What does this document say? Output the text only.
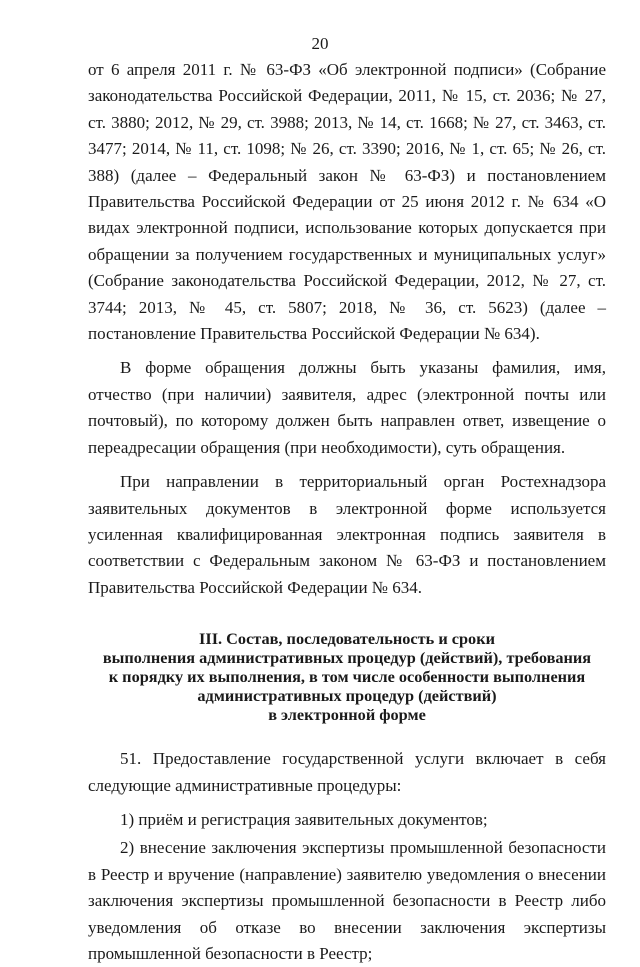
20

от 6 апреля 2011 г. № 63-ФЗ «Об электронной подписи» (Собрание законодательства Российской Федерации, 2011, № 15, ст. 2036; № 27, ст. 3880; 2012, № 29, ст. 3988; 2013, № 14, ст. 1668; № 27, ст. 3463, ст. 3477; 2014, № 11, ст. 1098; № 26, ст. 3390; 2016, № 1, ст. 65; № 26, ст. 388) (далее – Федеральный закон № 63-ФЗ) и постановлением Правительства Российской Федерации от 25 июня 2012 г. № 634 «О видах электронной подписи, использование которых допускается при обращении за получением государственных и муниципальных услуг» (Собрание законодательства Российской Федерации, 2012, № 27, ст. 3744; 2013, № 45, ст. 5807; 2018, № 36, ст. 5623) (далее – постановление Правительства Российской Федерации № 634).

В форме обращения должны быть указаны фамилия, имя, отчество (при наличии) заявителя, адрес (электронной почты или почтовый), по которому должен быть направлен ответ, извещение о переадресации обращения (при необходимости), суть обращения.

При направлении в территориальный орган Ростехнадзора заявительных документов в электронной форме используется усиленная квалифицированная электронная подпись заявителя в соответствии с Федеральным законом № 63-ФЗ и постановлением Правительства Российской Федерации № 634.

III. Состав, последовательность и сроки
выполнения административных процедур (действий), требования
к порядку их выполнения, в том числе особенности выполнения
административных процедур (действий)
в электронной форме

51. Предоставление государственной услуги включает в себя следующие административные процедуры:

1) приём и регистрация заявительных документов;

2) внесение заключения экспертизы промышленной безопасности в Реестр и вручение (направление) заявителю уведомления о внесении заключения экспертизы промышленной безопасности в Реестр либо уведомления об отказе во внесении заключения экспертизы промышленной безопасности в Реестр;
